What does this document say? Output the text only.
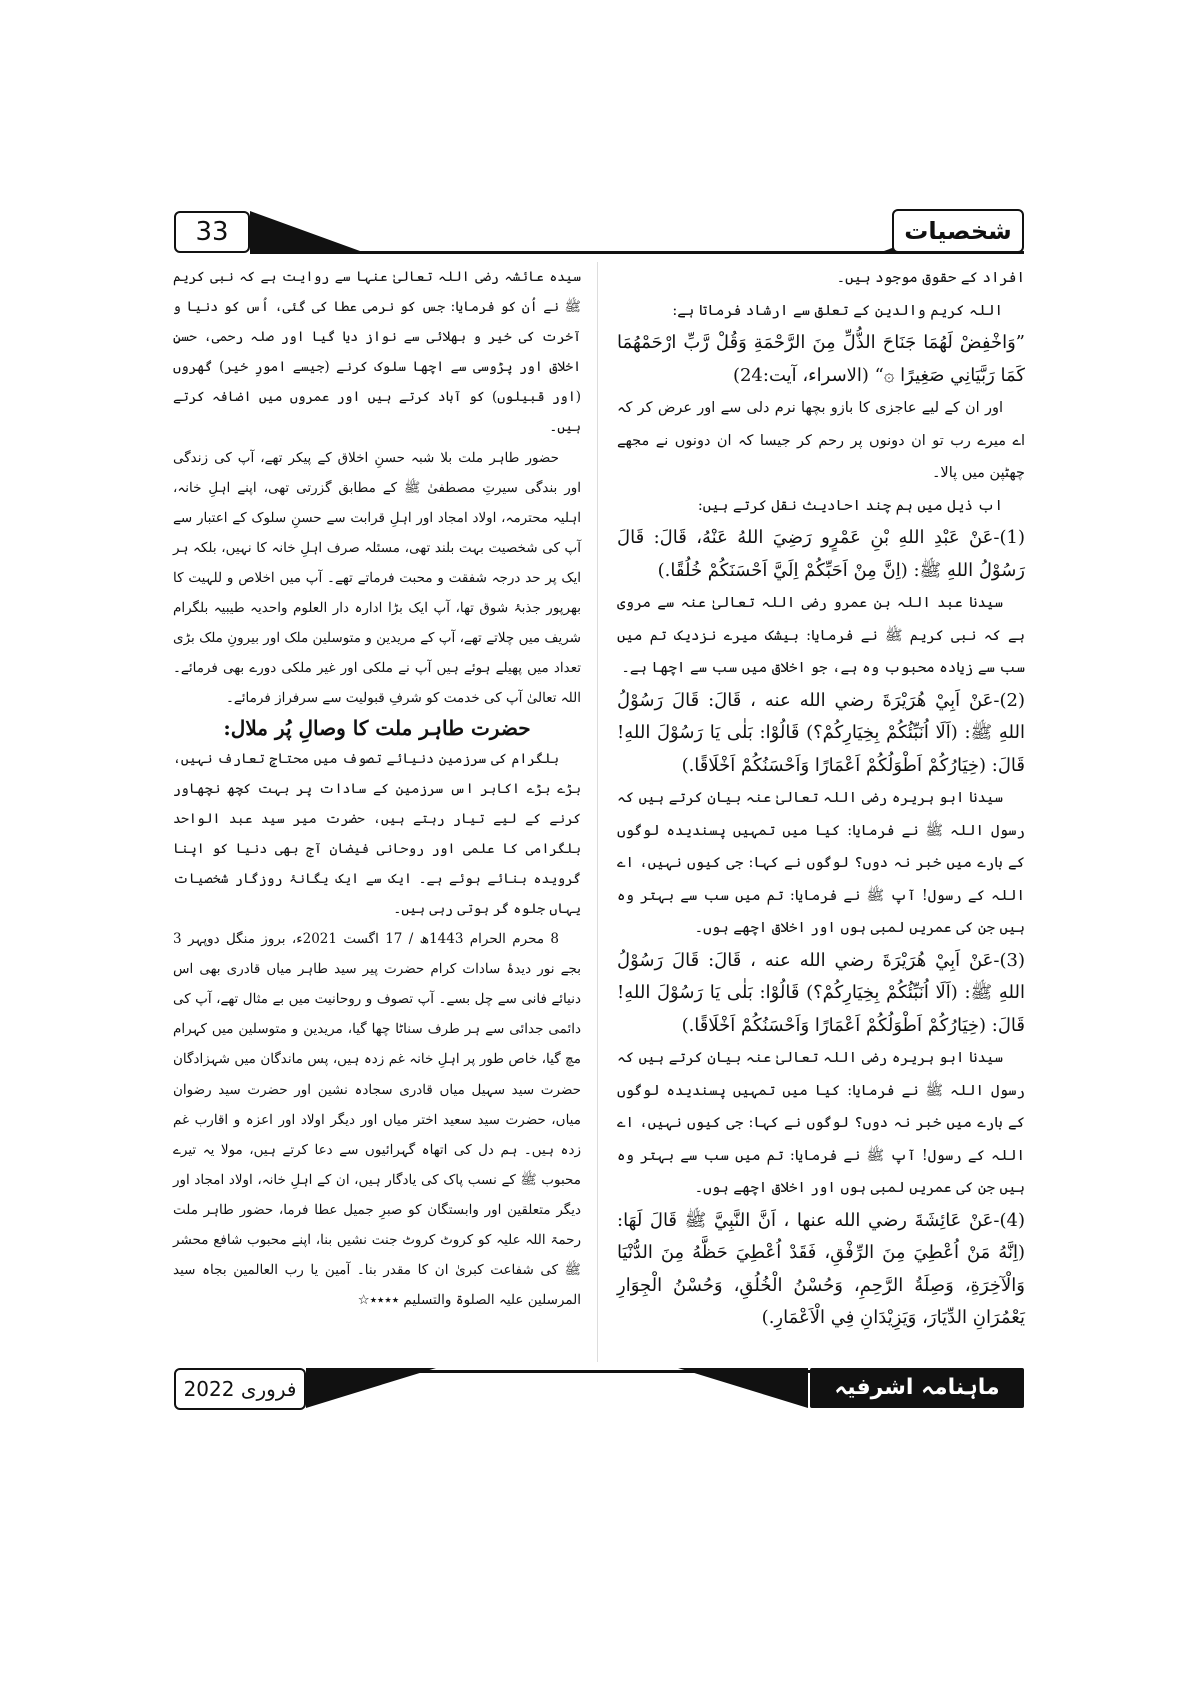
33	شخصیات

افراد کے حقوق موجود ہیں۔

اللہ کریم والدین کے تعلق سے ارشاد فرماتا ہے:

”وَاخْفِضْ لَهُمَا جَنَاحَ الذُّلِّ مِنَ الرَّحْمَةِ وَقُلْ رَّبِّ ارْحَمْهُمَا كَمَا رَبَّيَانِي صَغِيرًا ۞“ (الاسراء، آیت:24)

اور ان کے لیے عاجزی کا بازو بچھا نرم دلی سے اور عرض کر کہ اے میرے رب تو ان دونوں پر رحم کر جیسا کہ ان دونوں نے مجھے چھٹپن میں پالا۔

اب ذیل میں ہم چند احادیث نقل کرتے ہیں:

(1)-عَنْ عَبْدِ اللهِ بْنِ عَمْرٍو رَضِيَ اللهُ عَنْهُ، قَالَ: قَالَ رَسُوْلُ اللهِ ﷺ: (اِنَّ مِنْ اَحَبِّكُمْ اِلَيَّ اَحْسَنَكُمْ خُلُقًا.)

سیدنا عبد اللہ بن عمرو رضی اللہ تعالیٰ عنہ سے مروی ہے کہ نبی کریم ﷺ نے فرمایا: بیشک میرے نزدیک تم میں سب سے زیادہ محبوب وہ ہے، جو اخلاق میں سب سے اچھا ہے۔

(2)-عَنْ اَبِيْ هُرَيْرَةَ رضي الله عنه ، قَالَ: قَالَ رَسُوْلُ اللهِ ﷺ: (اَلَا اُنَبِّئُكُمْ بِخِيَارِكُمْ؟) قَالُوْا: بَلٰى يَا رَسُوْلَ اللهِ! قَالَ: (خِيَارُكُمْ اَطْوَلُكُمْ اَعْمَارًا وَاَحْسَنُكُمْ اَخْلَاقًا.)

سیدنا ابو ہریرہ رضی اللہ تعالیٰ عنہ بیان کرتے ہیں کہ رسول اللہ ﷺ نے فرمایا: کیا میں تمہیں پسندیدہ لوگوں کے بارے میں خبر نہ دوں؟ لوگوں نے کہا: جی کیوں نہیں، اے اللہ کے رسول! آپ ﷺ نے فرمایا: تم میں سب سے بہتر وہ ہیں جن کی عمریں لمبی ہوں اور اخلاق اچھے ہوں۔

(3)-عَنْ اَبِيْ هُرَيْرَةَ رضي الله عنه ، قَالَ: قَالَ رَسُوْلُ اللهِ ﷺ: (اَلَا اُنَبِّئُكُمْ بِخِيَارِكُمْ؟) قَالُوْا: بَلٰى يَا رَسُوْلَ اللهِ! قَالَ: (خِيَارُكُمْ اَطْوَلُكُمْ اَعْمَارًا وَاَحْسَنُكُمْ اَخْلَاقًا.)

سیدنا ابو ہریرہ رضی اللہ تعالیٰ عنہ بیان کرتے ہیں کہ رسول اللہ ﷺ نے فرمایا: کیا میں تمہیں پسندیدہ لوگوں کے بارے میں خبر نہ دوں؟ لوگوں نے کہا: جی کیوں نہیں، اے اللہ کے رسول! آپ ﷺ نے فرمایا: تم میں سب سے بہتر وہ ہیں جن کی عمریں لمبی ہوں اور اخلاق اچھے ہوں۔

(4)-عَنْ عَائِشَةَ رضي الله عنها ، اَنَّ النَّبِيَّ ﷺ قَالَ لَهَا: (اِنَّهُ مَنْ اُعْطِيَ مِنَ الرِّفْقِ، فَقَدْ اُعْطِيَ حَظَّهُ مِنَ الدُّنْيَا وَالْآخِرَةِ، وَصِلَةُ الرَّحِمِ، وَحُسْنُ الْخُلُقِ، وَحُسْنُ الْجِوَارِ يَعْمُرَانِ الدِّيَارَ، وَيَزِيْدَانِ فِي الْاَعْمَارِ.)

سیدہ عائشہ رضی اللہ تعالیٰ عنہا سے روایت ہے کہ نبی کریم ﷺ نے اُن کو فرمایا: جس کو نرمی عطا کی گئی، اُس کو دنیا و آخرت کی خیر و بھلائی سے نواز دیا گیا اور صلہ رحمی، حسنِ اخلاق اور پڑوسی سے اچھا سلوک کرنے (جیسے امورِ خیر) گھروں (اور قبیلوں) کو آباد کرتے ہیں اور عمروں میں اضافہ کرتے ہیں۔

حضور طاہر ملت بلا شبہ حسنِ اخلاق کے پیکر تھے، آپ کی زندگی اور بندگی سیرتِ مصطفیٰ ﷺ کے مطابق گزرتی تھی، اپنے اہلِ خانہ، اہلیہ محترمہ، اولاد امجاد اور اہلِ قرابت سے حسنِ سلوک کے اعتبار سے آپ کی شخصیت بہت بلند تھی، مسئلہ صرف اہلِ خانہ کا نہیں، بلکہ ہر ایک پر حد درجہ شفقت و محبت فرماتے تھے۔ آپ میں اخلاص و للہیت کا بھرپور جذبۂ شوق تھا، آپ ایک بڑا ادارہ دار العلوم واحدیہ طیبیہ بلگرام شریف میں چلاتے تھے، آپ کے مریدین و متوسلین ملک اور بیرونِ ملک بڑی تعداد میں پھیلے ہوئے ہیں آپ نے ملکی اور غیر ملکی دورے بھی فرمائے۔ اللہ تعالیٰ آپ کی خدمت کو شرفِ قبولیت سے سرفراز فرمائے۔

حضرت طاہر ملت کا وصالِ پُر ملال:

بلگرام کی سرزمین دنیائے تصوف میں محتاجِ تعارف نہیں، بڑے بڑے اکابر اس سرزمین کے سادات پر بہت کچھ نچھاور کرنے کے لیے تیار رہتے ہیں، حضرت میر سید عبد الواحد بلگرامی کا علمی اور روحانی فیضان آج بھی دنیا کو اپنا گرویدہ بنائے ہوئے ہے۔ ایک سے ایک یگانۂ روزگار شخصیات یہاں جلوہ گر ہوتی رہی ہیں۔

8 محرم الحرام 1443ھ / 17 اگست 2021ء، بروز منگل دوپہر 3 بجے نور دیدۂ سادات کرام حضرت پیر سید طاہر میاں قادری بھی اس دنیائے فانی سے چل بسے۔ آپ تصوف و روحانیت میں بے مثال تھے، آپ کی دائمی جدائی سے ہر طرف سناٹا چھا گیا، مریدین و متوسلین میں کہرام مچ گیا، خاص طور پر اہلِ خانہ غم زدہ ہیں، پس ماندگان میں شہزادگان حضرت سید سہیل میاں قادری سجادہ نشین اور حضرت سید رضوان میاں، حضرت سید سعید اختر میاں اور دیگر اولاد اور اعزہ و اقارب غم زدہ ہیں۔ ہم دل کی اتھاہ گہرائیوں سے دعا کرتے ہیں، مولا یہ تیرے محبوب ﷺ کے نسب پاک کی یادگار ہیں، ان کے اہلِ خانہ، اولاد امجاد اور دیگر متعلقین اور وابستگان کو صبرِ جمیل عطا فرما، حضور طاہر ملت رحمۃ اللہ علیہ کو کروٹ کروٹ جنت نشیں بنا، اپنے محبوب شافع محشر ﷺ کی شفاعت کبریٰ ان کا مقدر بنا۔ آمین یا رب العالمین بجاہ سید المرسلین علیہ الصلوۃ والتسلیم ٭٭٭٭☆

فروری 2022	ماہنامہ اشرفیہ
